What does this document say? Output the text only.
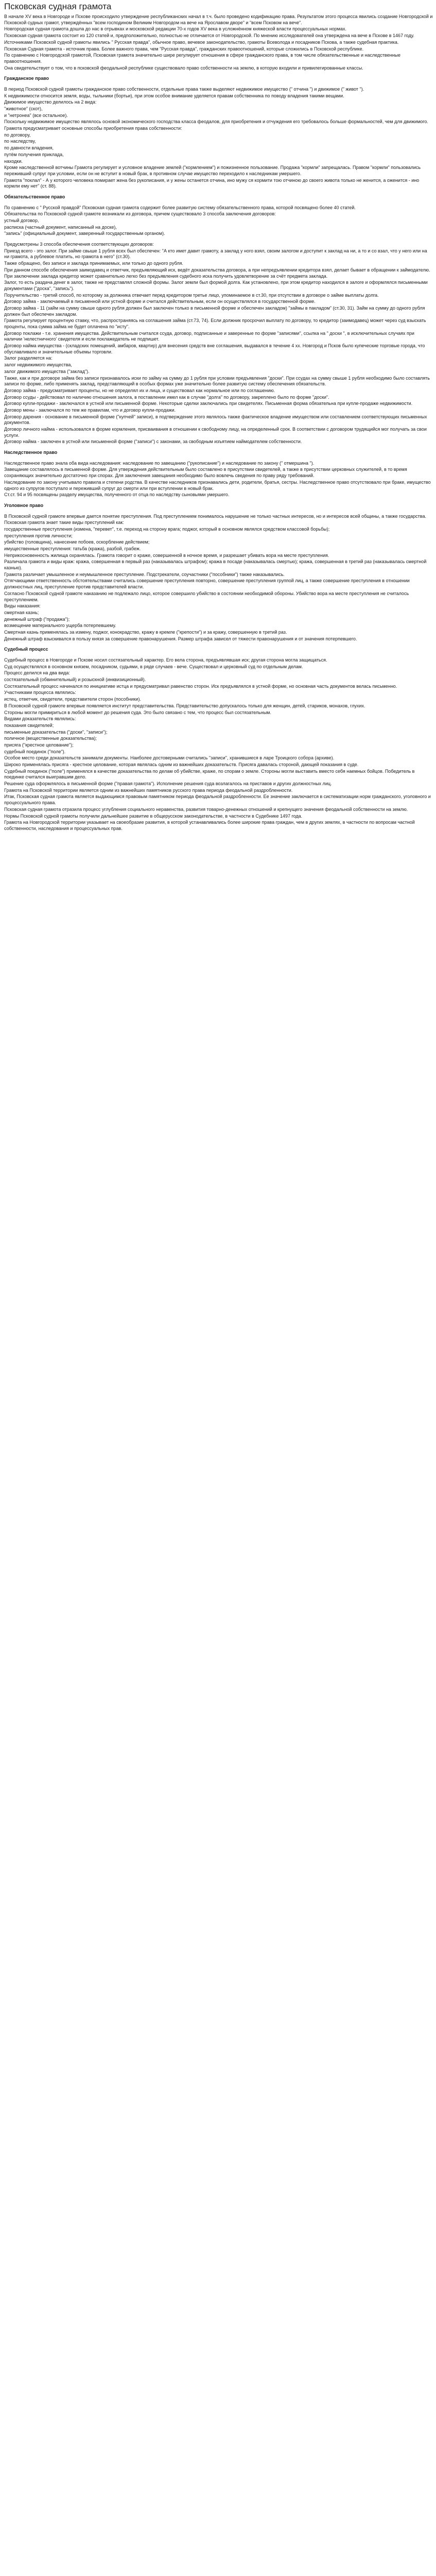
Псковская судная грамота

В начале XV века в Новгороде и Пскове происходило утверждение республиканских начал в т.ч. было проведено кодификацию права. Результатом этого процесса явились создание Новгородской и Псковской судных грамот, утверждённых "всем господином Великим Новгородом на вече на Ярославом дворе" и "всем Псковом на вече".

Новгородская судная грамота дошла до нас в отрывках и московской редакции 70-х годов XV века в усложнённом княжеской власти процессуальных нормах.

Псковская судная грамота состоит из 120 статей и, предположительно, полностью не отличается от Новгородской. По мнению исследователей она утверждена на вече в Пскове в 1467 году.

Источниками Псковской судной грамоты явились " Русская правда", обычное право, вечевое законодательство, грамоты Всеволода и посадников Пскова, а также судебная практика.

Псковская Судная грамота - источник права. Более важного права, чем "Русская правда", гражданских правоотношений, которые сложились в Псковской республике.

По сравнению с Новгородской грамотой, Псковская грамота значительно шире регулирует отношения в сфере гражданского права, в том числе обязательственные и наследственные правоотношения.

Она свидетельствует о том, что в псковской феодальной республике существовало право собственности на землю, в которую входили и привилегированные классы.

Гражданское право

В период Псковской судной грамоты гражданское право собственности, отдельные права также выделяют недвижимое имущество (" отчина ") и движимое (" живот ").

К недвижимости относится земля, воды, тыльники (бортьи), при этом особое внимание уделяется правам собственника по поводу владения такими вещами.

Движимое имущество делилось на 2 вида:

"животное" (скот),

и "нетронеа" (все остальное).

Поскольку недвижимое имущество являлось основой экономического господства класса феодалов, для приобретения и отчуждения его требовалось больше формальностей, чем для движимого.

Грамота предусматривает основные способы приобретения права собственности:

по договору,

по наследству,

по давности владения,

путём получения приклада,

находки.

Кроме наследственной вотчины Грамота регулирует и условное владение землей ("кормлением") и пожизненное пользование. Продажа "кормли" запрещалась. Правом "кормли" пользовались переживший супруг при условии, если он не вступит в новый брак, в противном случае имущество переходило к наследникам умершего.

Грамота "поклал" - А у которого человека помирает жена без рукописания, и у жены останется отчина, ино мужу ся кормити тою отчиною до своего живота только не женится, а оженится - ино кормли ему нет" (ст. 88).

Обязательственное право

По сравнению с " Русской правдой" Псковская судная грамота содержит более развитую систему обязательственного права, которой посвящено более 40 статей.

Обязательства по Псковской судной грамоте возникали из договора, причем существовало 3 способа заключения договоров:

устный договор,

расписка (частный документ, написанный на доске),

"запись" (официальный документ, заверенный государственным органом).

Предусмотрены 3 способа обеспечения соответствующих договоров:

Приезд всего - это залог. При займе свыше 1 рубля всех был обеспечен: "А кто имет давит грамоту, а заклад у ного взял, своим залогом и доступит к заклад на ни, а то и со взал, что у него или на ни грамота, а рублевое платить, но грамота в него" (ст.30).

Также обращено, без записи и заклада принимаемых, или только до одного рубля.

При данном способе обеспечения заимодавец и ответчик, предъявляющий иск, ведёт доказательства договора, а при непредъявлении кредитора взял, делает бывает в обращении к займодателю. При заключении заклада кредитор может сравнительно легко без предъявления судебного иска получить удовлетворение за счёт предмета заклада.

Залог, то есть раздача денег в залог, также не представлял сложной формы. Залог земли был формой долга. Как установлено, при этом кредитор находился в залоге и оформлялся письменными документами ("доска", "запись").

Поручительство - третий способ, по которому за должника отвечает перед кредитором третье лицо, упоминаемое в ст.30, при отсутствии в договоре о займе выплаты долга.

Договор займа - заключаемый в письменной или устной форме и считался действительным, если он осуществлялся в государственной форме.

Договор займа - 11 (займ на сумму свыше одного рубля должен был заключен только в письменной форме и обеспечен закладом) "займы в пакладом" (ст.30, 31). Займ на сумму до одного рубля должен был обеспечен закладом.

Грамота регулирует процентную ставку, что, распространяясь на соглашения займа (ст.73, 74). Если должник просрочил выплату по договору, то кредитор (заимодавец) может через суд взыскать проценты, пока сумма займа не будет оплачена по "исту".

Договор поклажи - т.е. хранения имущества. Действительным считался ссуда, договор, подписанные и заверенные по форме "записями", ссылка на " доски ", в исключительных случаях при наличии 'нелестничного' свидетеля и если поклажедатель не подпишет.

Договор найма имущества - (складских помещений, амбаров, квартир) для внесения средств вне соглашения, выдавался в течение 4 хх. Новгород и Псков было купеческие торговые города, что обуславливало и значительные объемы торговли.

Залог разделяется на:

залог недвижимого имущества,

залог движимого имущества ("заклад").

Также, как и при договоре займа без записи признавалось иски по займу на сумму до 1 рубля при условии предъявления "доски". При ссудах на сумму свыше 1 рубля необходимо было составлять записи по форме, либо применять заклад, представляющий в особых формах уже значительно более развитую систему обеспечения обязательств.

Договор займа - предусматривает проценты, но не определял их и лица, и существовал как нормальное или по соглашению.

Договор ссуды - действовал по наличию отношения залога, в поставлении имел как в случае "долга" по договору, закреплено было по форме "доски".

Договор купли-продажи - заключался в устной или письменной форме. Некоторые сделки заключались при свидетелях. Письменная форма обязательна при купле-продаже недвижимости.

Договор мены - заключался по тем же правилам, что и договор купли-продажи.

Договор дарения - основание в письменной форме ("купчей" записи), в подтверждение этого являлось также фактическое владение имуществом или составлением соответствующих письменных документов.

Договор личного найма - использовался в форме кормления, присваивания в отношении к свободному лицу, на определенный срок. В соответствии с договором трудящийся мог получать за свои услуги.

Договор найма - заключен в устной или письменной форме ("записи") с законами, за свободным изъятием наймодателем собственности.

Наследственное право

Наследственное право знала оба вида наследования: наследование по завещанию ("рукописание") и наследование по закону (" отмершина ").

Завещание составлялось в письменной форме. Для утверждения действительным было составлено в присутствии свидетелей, а также в присутствии церковных служителей, в то время сохраняющих значительно достаточно при спорах. Для заключения завещания необходимо было вовлечь сведения по праву ряду требований.

Наследование по закону учитывало правила и степени родства. В качестве наследников признавались дети, родители, братья, сестры. Наследственное право отсутствовало при браке, имущество одного из супругов поступало и переживший супруг до смерти или при вступлении в новый брак.

Ст.ст. 94 и 95 посвящены разделу имущества, полученного от отца по наследству сыновьями умершего.

Уголовное право

В Псковской судной грамоте впервые дается понятие преступления. Под преступлением понималось нарушение не только частных интересов, но и интересов всей общины, а также государства.

Псковская грамота знает такие виды преступлений как:

государственные преступления (измена, "перевет", т.е. переход на сторону врага; поджог, который в основном являлся средством классовой борьбы);

преступления против личности;

убийство (головщина), нанесение побоев, оскорбление действием;

имущественные преступления: татьба (кража), разбой, грабеж.

Неприкосновенность жилища охранялась. Грамота говорит о краже, совершенной в ночное время, и разрешает убивать вора на месте преступления.

Различала грамота и виды краж: кража, совершенная в первый раз (наказывалась штрафом); кража в посаде (наказывалась смертью); кража, совершенная в третий раз (наказывалась смертной казнью).

Грамота различает умышленное и неумышленное преступление. Подстрекатели, соучастники ("пособники") также наказывались.

Отягчающими ответственность обстоятельствами считались совершение преступления повторно, совершение преступления группой лиц, а также совершение преступления в отношении должностных лиц, преступление против представителей власти.

Согласно Псковской судной грамоте наказанию не подлежало лицо, которое совершило убийство в состоянии необходимой обороны. Убийство вора на месте преступления не считалось преступлением.

Виды наказания:

смертная казнь;

денежный штраф ("продажа");

возмещение материального ущерба потерпевшему.

Смертная казнь применялась за измену, поджог, конокрадство, кражу в кремле ("крепости") и за кражу, совершенную в третий раз.

Денежный штраф взыскивался в пользу князя за совершение правонарушения. Размер штрафа зависел от тяжести правонарушения и от значения потерпевшего.

Судебный процесс

Судебный процесс в Новгороде и Пскове носил состязательный характер. Его вела сторона, предъявлявшая иск; другая сторона могла защищаться.

Суд осуществлялся в основном князем, посадником, судьями, в ряде случаев - вече. Существовал и церковный суд по отдельным делам.

Процесс делился на два вида:

состязательный (обвинительный) и розыскной (инквизиционный).

Состязательный процесс начинался по инициативе истца и предусматривал равенство сторон. Иск предъявлялся в устной форме, но основная часть документов велась письменно.

Участниками процесса являлись:

истец, ответчик, свидетели, представители сторон (пособники).

В Псковской судной грамоте впервые появляется институт представительства. Представительство допускалось только для женщин, детей, стариков, монахов, глухих.

Стороны могли примириться в любой момент до решения суда. Это было связано с тем, что процесс был состязательным.

Видами доказательств являлись:

показания свидетелей;

письменные доказательства ("доски", "записи");

поличное (вещественные доказательства);

присяга ("крестное целование");

судебный поединок ("поле").

Особое место среди доказательств занимали документы. Наиболее достоверными считались "записи", хранившиеся в ларе Троицкого собора (архиве).

Широко применялась присяга - крестное целование, которая являлась одним из важнейших доказательств. Присяга давалась стороной, дающей показания в суде.

Судебный поединок ("поле") применялся в качестве доказательства по делам об убийстве, краже, по спорам о земле. Стороны могли выставить вместо себя наемных бойцов. Победитель в поединке считался выигравшим дело.

Решение суда оформлялось в письменной форме ("правая грамота"). Исполнение решения суда возлагалось на приставов и других должностных лиц.

Грамота на Псковской территории является одним из важнейших памятников русского права периода феодальной раздробленности.

Итак, Псковская судная грамота является выдающимся правовым памятником периода феодальной раздробленности. Ее значение заключается в систематизации норм гражданского, уголовного и процессуального права.

Псковская судная грамота отразила процесс углубления социального неравенства, развития товарно-денежных отношений и крепнущего значения феодальной собственности на землю.

Нормы Псковской судной грамоты получили дальнейшее развитие в общерусском законодательстве, в частности в Судебнике 1497 года.

Грамота на Новгородской территории указывает на своеобразие развития, в которой устанавливались более широкие права граждан, чем в других землях, в частности по вопросам частной собственности, наследования и процессуальных прав.
